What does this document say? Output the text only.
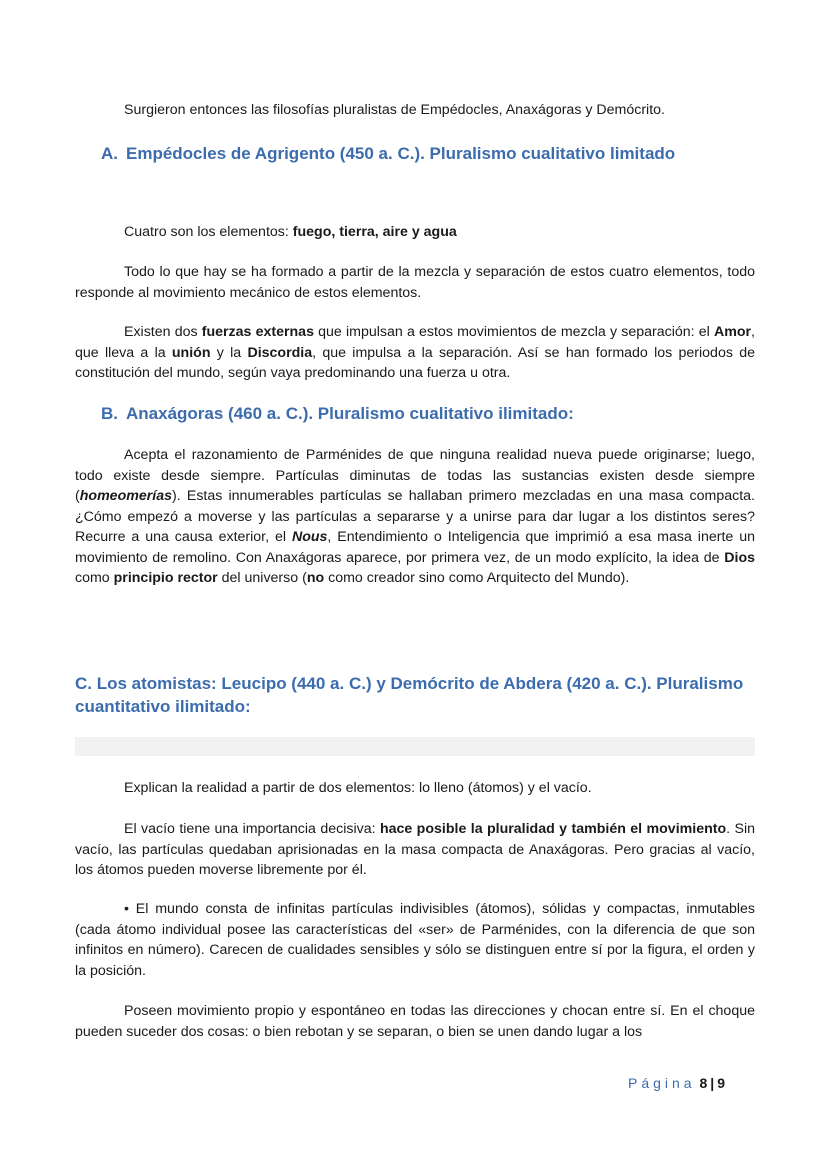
Surgieron entonces las filosofías pluralistas de Empédocles, Anaxágoras y Demócrito.

A. Empédocles de Agrigento (450 a. C.). Pluralismo cualitativo limitado

Cuatro son los elementos: fuego, tierra, aire y agua

Todo lo que hay se ha formado a partir de la mezcla y separación de estos cuatro elementos, todo responde al movimiento mecánico de estos elementos.

Existen dos fuerzas externas que impulsan a estos movimientos de mezcla y separación: el Amor, que lleva a la unión y la Discordia, que impulsa a la separación. Así se han formado los periodos de constitución del mundo, según vaya predominando una fuerza u otra.

B. Anaxágoras (460 a. C.). Pluralismo cualitativo ilimitado:

Acepta el razonamiento de Parménides de que ninguna realidad nueva puede originarse; luego, todo existe desde siempre. Partículas diminutas de todas las sustancias existen desde siempre (homeomerías). Estas innumerables partículas se hallaban primero mezcladas en una masa compacta. ¿Cómo empezó a moverse y las partículas a separarse y a unirse para dar lugar a los distintos seres? Recurre a una causa exterior, el Nous, Entendimiento o Inteligencia que imprimió a esa masa inerte un movimiento de remolino. Con Anaxágoras aparece, por primera vez, de un modo explícito, la idea de Dios como principio rector del universo (no como creador sino como Arquitecto del Mundo).

C. Los atomistas: Leucipo (440 a. C.) y Demócrito de Abdera (420 a. C.). Pluralismo cuantitativo ilimitado:

Explican la realidad a partir de dos elementos: lo lleno (átomos) y el vacío.

El vacío tiene una importancia decisiva: hace posible la pluralidad y también el movimiento. Sin vacío, las partículas quedaban aprisionadas en la masa compacta de Anaxágoras. Pero gracias al vacío, los átomos pueden moverse libremente por él.

• El mundo consta de infinitas partículas indivisibles (átomos), sólidas y compactas, inmutables (cada átomo individual posee las características del «ser» de Parménides, con la diferencia de que son infinitos en número). Carecen de cualidades sensibles y sólo se distinguen entre sí por la figura, el orden y la posición.

Poseen movimiento propio y espontáneo en todas las direcciones y chocan entre sí. En el choque pueden suceder dos cosas: o bien rebotan y se separan, o bien se unen dando lugar a los

Página 8 | 9
